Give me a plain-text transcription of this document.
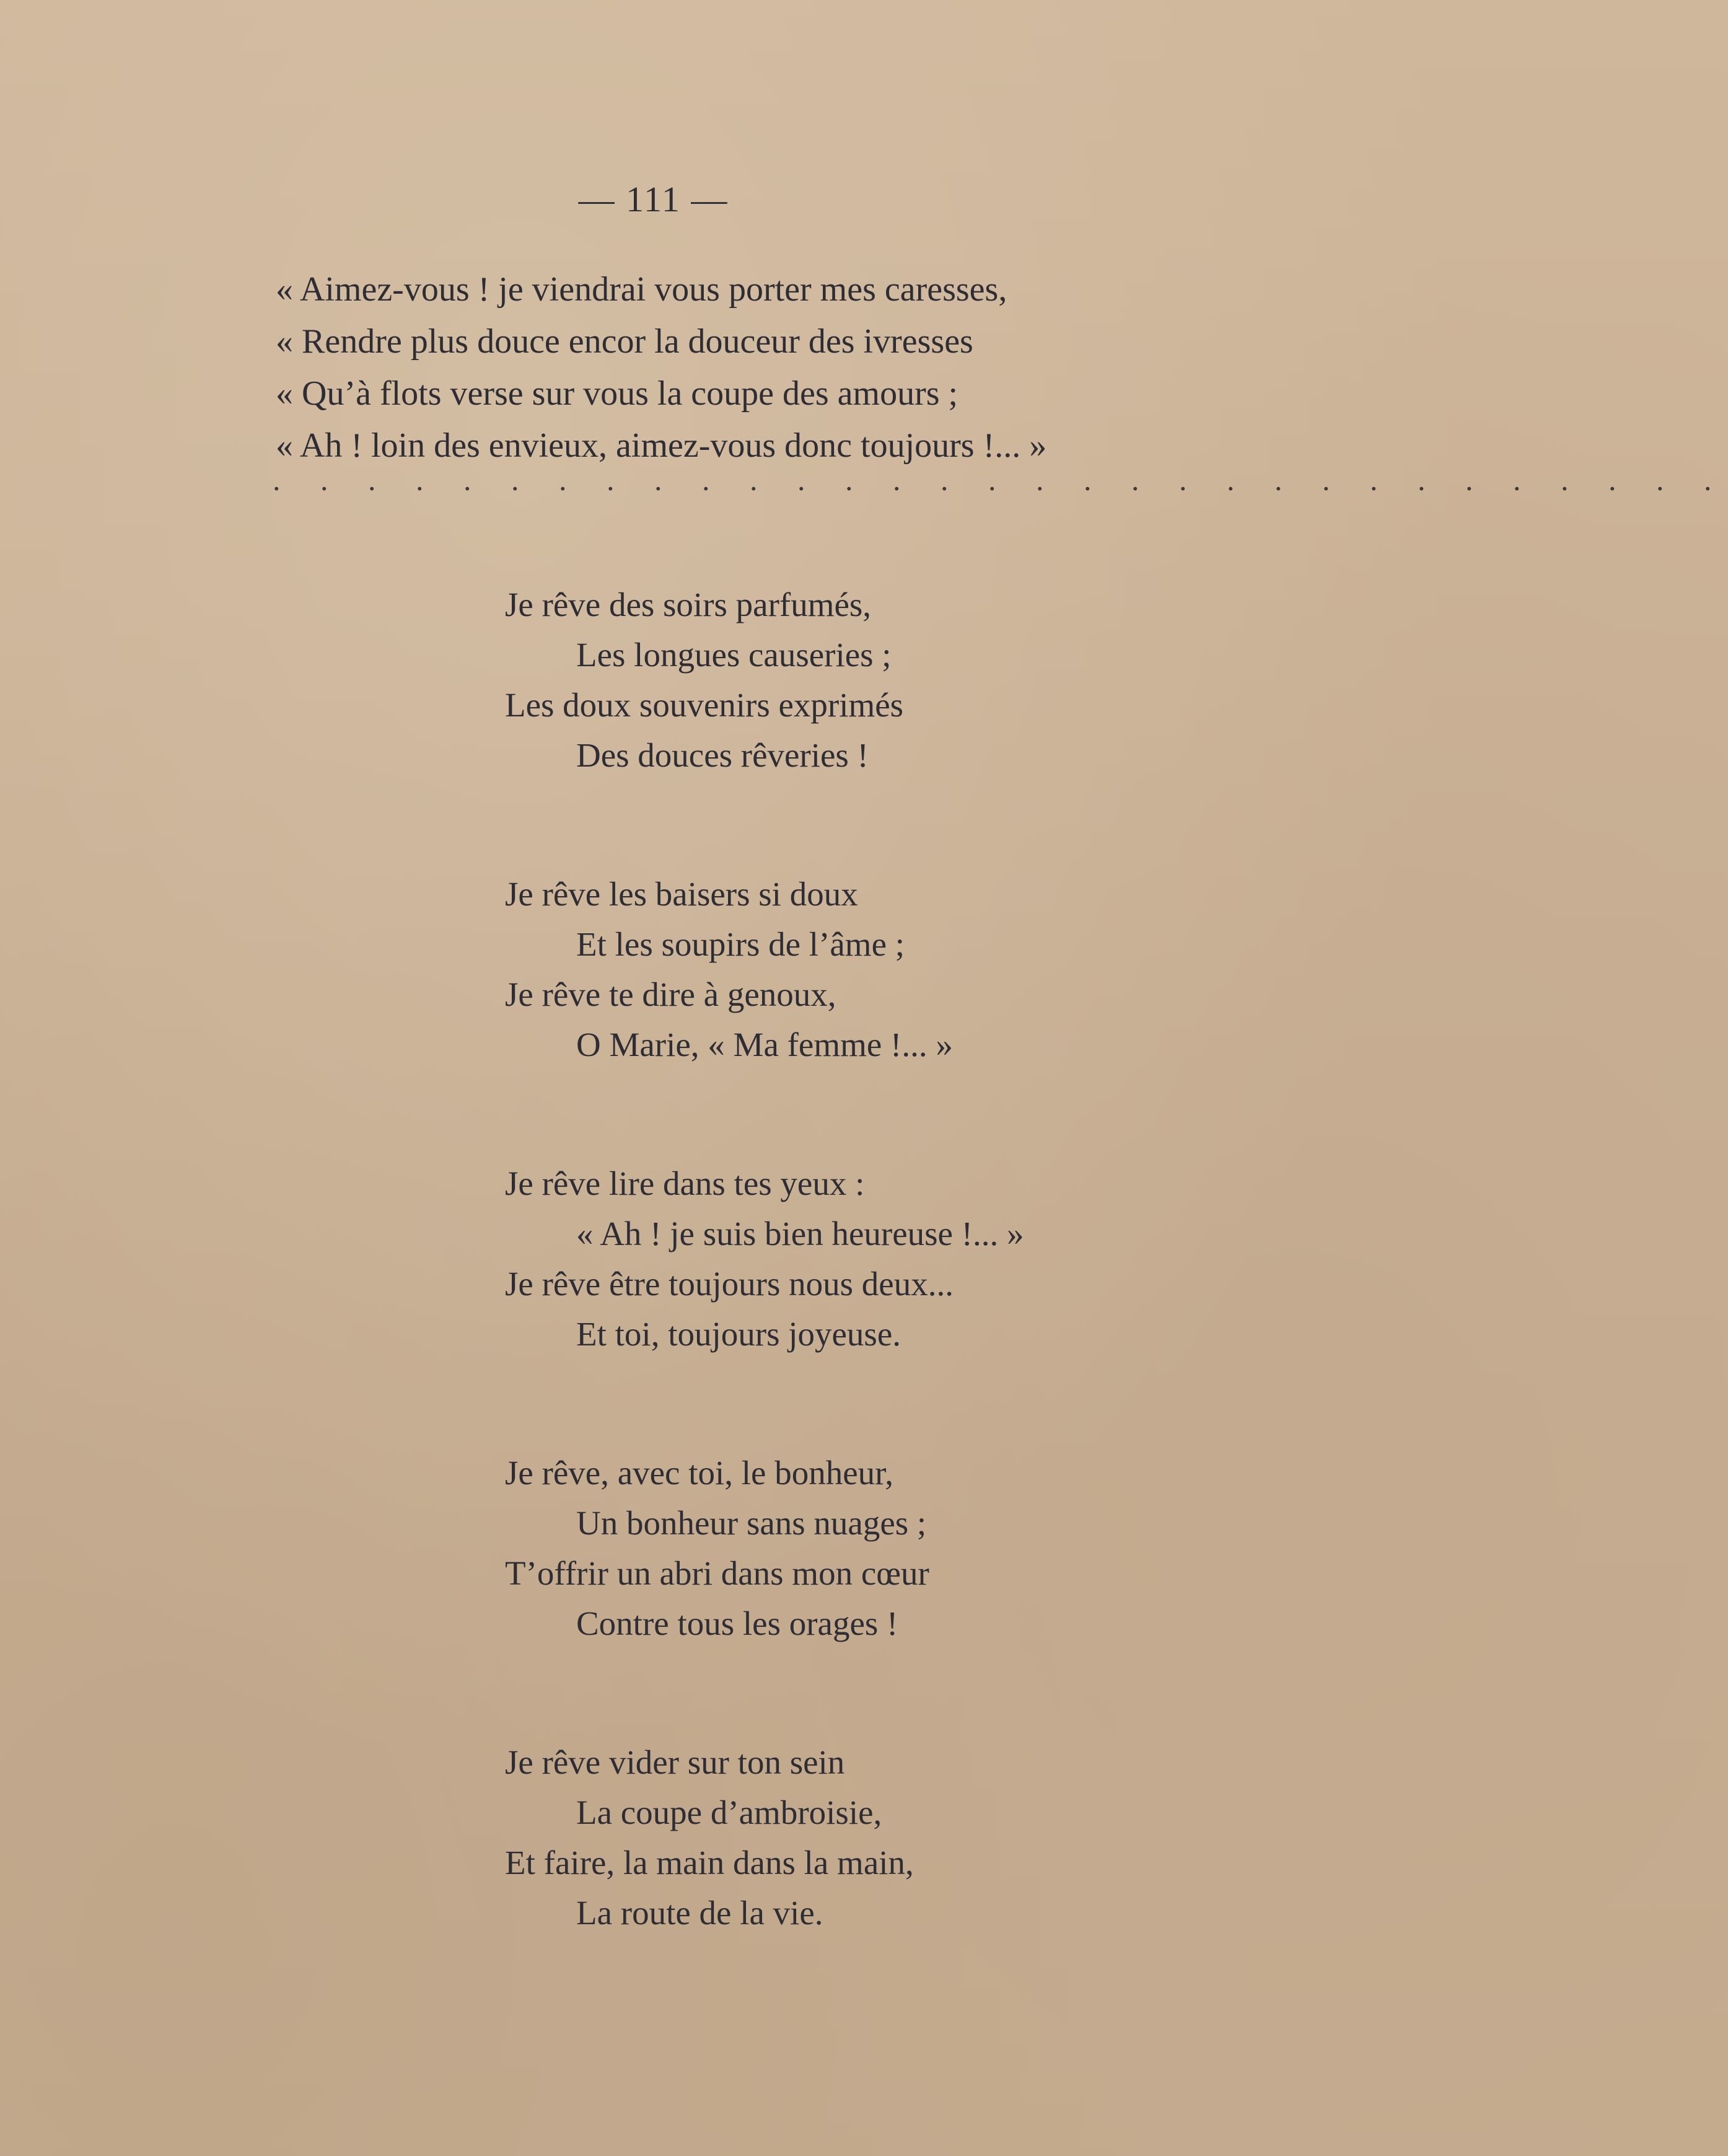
— 111 —
« Aimez-vous ! je viendrai vous porter mes caresses,
« Rendre plus douce encor la douceur des ivresses
« Qu’à flots verse sur vous la coupe des amours ;
« Ah ! loin des envieux, aimez-vous donc toujours !... »
. . . . . . . . . . . . . . . . . . . . . . . . . . . . . . .
Je rêve des soirs parfumés,
Les longues causeries ;
Les doux souvenirs exprimés
Des douces rêveries !
Je rêve les baisers si doux
Et les soupirs de l’âme ;
Je rêve te dire à genoux,
O Marie, « Ma femme !... »
Je rêve lire dans tes yeux :
« Ah ! je suis bien heureuse !... »
Je rêve être toujours nous deux...
Et toi, toujours joyeuse.
Je rêve, avec toi, le bonheur,
Un bonheur sans nuages ;
T’offrir un abri dans mon cœur
Contre tous les orages !
Je rêve vider sur ton sein
La coupe d’ambroisie,
Et faire, la main dans la main,
La route de la vie.
